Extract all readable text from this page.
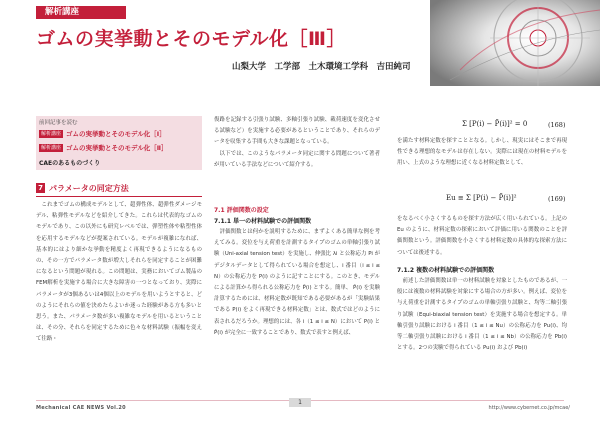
解析講座
ゴムの実挙動とそのモデル化［Ⅲ］
山梨大学　工学部　土木環境工学科　吉田純司
前回記事を読む
解析講座 ゴムの実挙動とそのモデル化［Ⅰ］
解析講座 ゴムの実挙動とそのモデル化［Ⅱ］
CAEのあるものづくり
7 パラメータの同定方法

　これまでゴムの構成モデルとして、超弾性体、超弾性ダメージモデル、粘弾性モデルなどを紹介してきた。これらは代表的なゴムのモデルであり、この以外にも研究レベルでは、弾塑性体や粘塑性体を応用するモデルなどが提案されている。モデルが複雑になれば、基本的にはより細かな挙動を精度よく再現できるようになるものの、その一方でパラメータ数が増大しそれらを同定することが困難になるという問題が現れる。この問題は、実務においてゴム製品のFEM解析を実施する場合に大きな障害の一つとなっており、実際にパラメータが3個あるいは4個以上のモデルを用いようとすると、どのようにそれらの値を決めたらよいか迷った経験がある方も多いと思う。また、パラメータ数が多い複雑なモデルを用いるということは、その分、それらを同定するために色々な材料試験（振幅を変えて往路・

復路を記録する引張り試験、多軸引張り試験、載荷速度を変化させる試験など）を実施する必要があるということであり、それらのデータを収集する手間も大きな課題となっている。

　以下では、このようなパラメータ同定に関する問題について著者が用いている手法などについて紹介する。

7.1 評価関数の設定
7.1.1 単一の材料試験での評価関数

　評価関数とは何かを説明するために、まずよくある簡単な例を考えてみる。変位を与え荷重を計測するタイプのゴムの単軸引張り試験（Uni-axial tension test）を実施し、伸張比 λi と公称応力 Pi がデジタルデータとして得られている場合を想定し、i 番目（i ≤ i ≤ N）の公称応力を P(i) のように記すことにする。このとき、モデルによる計算から得られる公称応力を P̃(i) とする。簡単、 P̃(i) を実験計算するためには、材料定数が既知である必要があるが「実験結果である P(i) をよく再現できる材料定数」とは、数式ではどのように表されるだろうか。理想的には、各 i（1 ≤ i ≤ N）において P(i) と P̃(i) が完全に一致することであり、数式で表すと例えば、

Σ [P(i) − P̃(i)]² = 0	(168)

を満たす材料定数を探すこととなる。しかし、現実にはそこまで再現性できる理想的なモデルは存在しない。実際には現在の材料モデルを用い、上式のような理想に近くなる材料定数として、

Eu ≡ Σ [P(i) − P̃(i)]²	(169)

をなるべく小さくするものを探す方法が広く用いられている。上記の Eu のように、材料定数の探索において評価に用いる関数のことを評価関数という。評価関数を小さくする材料定数の具体的な探索方法については後述する。

7.1.2 複数の材料試験での評価関数

　前述した評価関数は単一の材料試験を対象としたものであるが、一般には複数の材料試験を対象にする場合の方が多い。例えば、変位を与え荷重を計測するタイプのゴムの単軸引張り試験と、均等二軸引張り試験（Equi-biaxial tension test）を実施する場合を想定する。単軸引張り試験における i 番目（1 ≤ i ≤ Nu）の公称応力を Pu(i)、均等二軸引張り試験における i 番目（1 ≤ i ≤ Nb）の公称応力を Pb(i) とする。2つの実験で得られている Pu(i) および Pb(i)

Mechanical CAE NEWS Vol.20
1
http://www.cybernet.co.jp/mcae/
